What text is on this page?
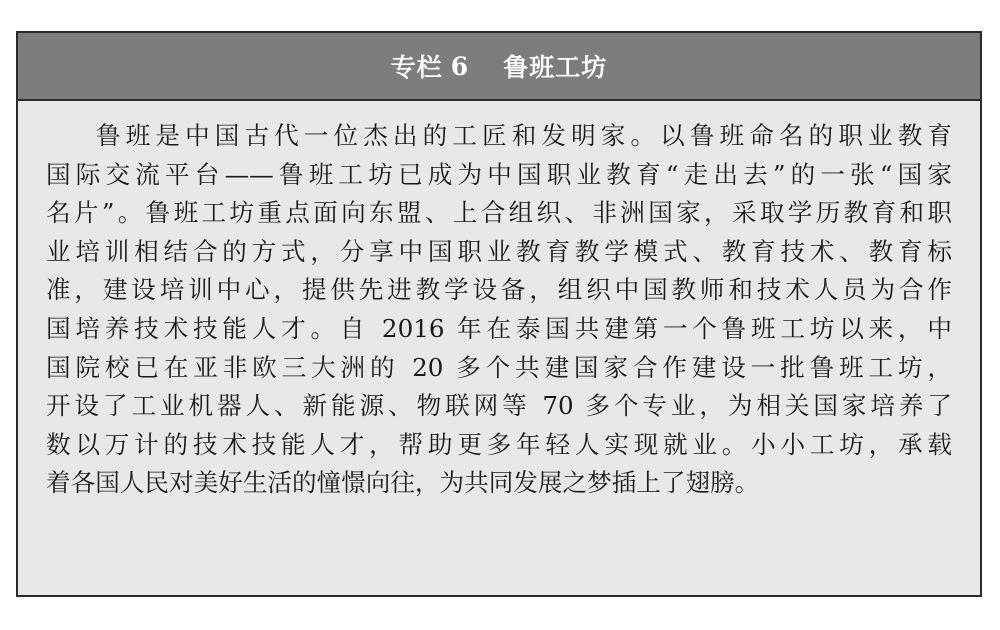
专栏 6 鲁班工坊
鲁班是中国古代一位杰出的工匠和发明家。以鲁班命名的职业教育
国际交流平台——鲁班工坊已成为中国职业教育“走出去”的一张“国家
名片”。鲁班工坊重点面向东盟、上合组织、非洲国家，采取学历教育和职
业培训相结合的方式，分享中国职业教育教学模式、教育技术、教育标
准，建设培训中心，提供先进教学设备，组织中国教师和技术人员为合作
国培养技术技能人才。自 2016 年在泰国共建第一个鲁班工坊以来，中
国院校已在亚非欧三大洲的 20 多个共建国家合作建设一批鲁班工坊，
开设了工业机器人、新能源、物联网等 70 多个专业，为相关国家培养了
数以万计的技术技能人才，帮助更多年轻人实现就业。小小工坊，承载
着各国人民对美好生活的憧憬向往，为共同发展之梦插上了翅膀。
